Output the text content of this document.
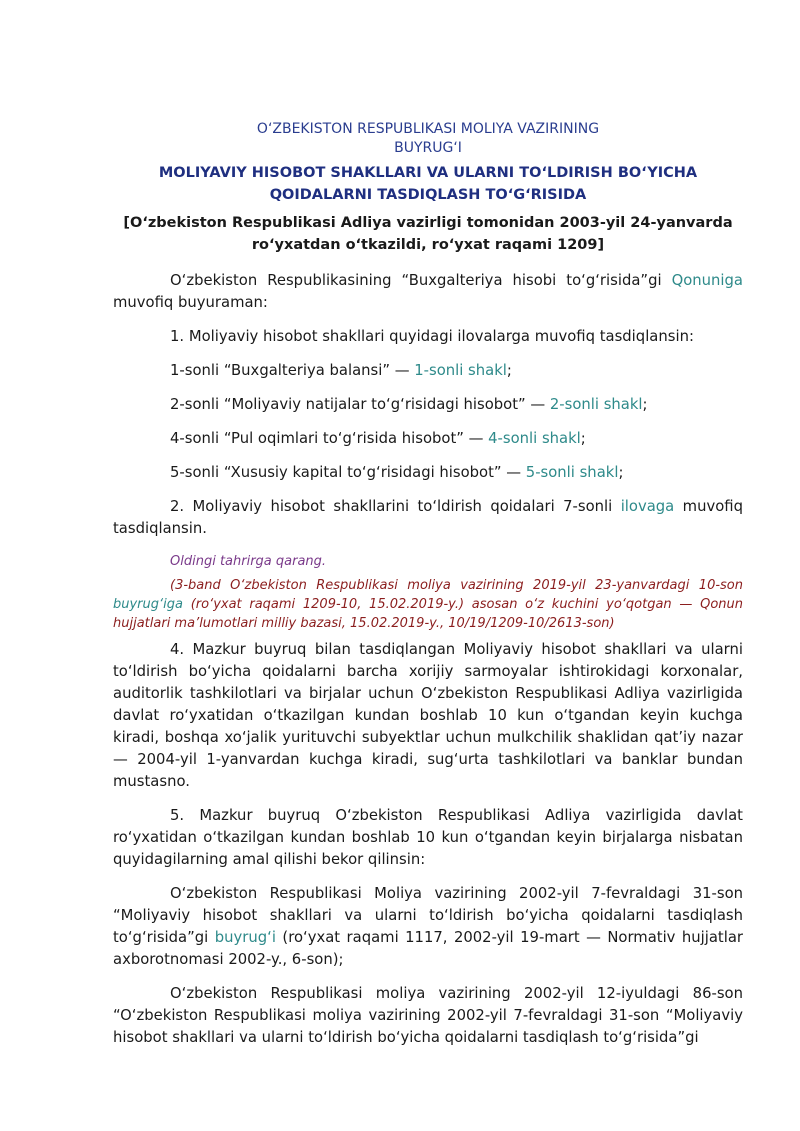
O‘ZBEKISTON RESPUBLIKASI MOLIYA VAZIRINING
BUYRUG‘I
MOLIYAVIY HISOBOT SHAKLLARI VA ULARNI TO‘LDIRISH BO‘YICHA
QOIDALARNI TASDIQLASH TO‘G‘RISIDA
[O‘zbekiston Respublikasi Adliya vazirligi tomonidan 2003-yil 24-yanvarda
ro‘yxatdan o‘tkazildi, ro‘yxat raqami 1209]

O‘zbekiston Respublikasining “Buxgalteriya hisobi to‘g‘risida”gi Qonuniga muvofiq buyuraman:

1. Moliyaviy hisobot shakllari quyidagi ilovalarga muvofiq tasdiqlansin:

1-sonli “Buxgalteriya balansi” — 1-sonli shakl;

2-sonli “Moliyaviy natijalar to‘g‘risidagi hisobot” — 2-sonli shakl;

4-sonli “Pul oqimlari to‘g‘risida hisobot” — 4-sonli shakl;

5-sonli “Xususiy kapital to‘g‘risidagi hisobot” — 5-sonli shakl;

2. Moliyaviy hisobot shakllarini to‘ldirish qoidalari 7-sonli ilovaga muvofiq tasdiqlansin.

Oldingi tahrirga qarang.

(3-band O‘zbekiston Respublikasi moliya vazirining 2019-yil 23-yanvardagi 10-son buyrug‘iga (ro‘yxat raqami 1209-10, 15.02.2019-y.) asosan o‘z kuchini yo‘qotgan — Qonun hujjatlari ma’lumotlari milliy bazasi, 15.02.2019-y., 10/19/1209-10/2613-son)

4. Mazkur buyruq bilan tasdiqlangan Moliyaviy hisobot shakllari va ularni to‘ldirish bo‘yicha qoidalarni barcha xorijiy sarmoyalar ishtirokidagi korxonalar, auditorlik tashkilotlari va birjalar uchun O‘zbekiston Respublikasi Adliya vazirligida davlat ro‘yxatidan o‘tkazilgan kundan boshlab 10 kun o‘tgandan keyin kuchga kiradi, boshqa xo‘jalik yurituvchi subyektlar uchun mulkchilik shaklidan qat’iy nazar — 2004-yil 1-yanvardan kuchga kiradi, sug‘urta tashkilotlari va banklar bundan mustasno.

5. Mazkur buyruq O‘zbekiston Respublikasi Adliya vazirligida davlat ro‘yxatidan o‘tkazilgan kundan boshlab 10 kun o‘tgandan keyin birjalarga nisbatan quyidagilarning amal qilishi bekor qilinsin:

O‘zbekiston Respublikasi Moliya vazirining 2002-yil 7-fevraldagi 31-son “Moliyaviy hisobot shakllari va ularni to‘ldirish bo‘yicha qoidalarni tasdiqlash to‘g‘risida”gi buyrug‘i (ro‘yxat raqami 1117, 2002-yil 19-mart — Normativ hujjatlar axborotnomasi 2002-y., 6-son);

O‘zbekiston Respublikasi moliya vazirining 2002-yil 12-iyuldagi 86-son “O‘zbekiston Respublikasi moliya vazirining 2002-yil 7-fevraldagi 31-son “Moliyaviy hisobot shakllari va ularni to‘ldirish bo‘yicha qoidalarni tasdiqlash to‘g‘risida”gi
